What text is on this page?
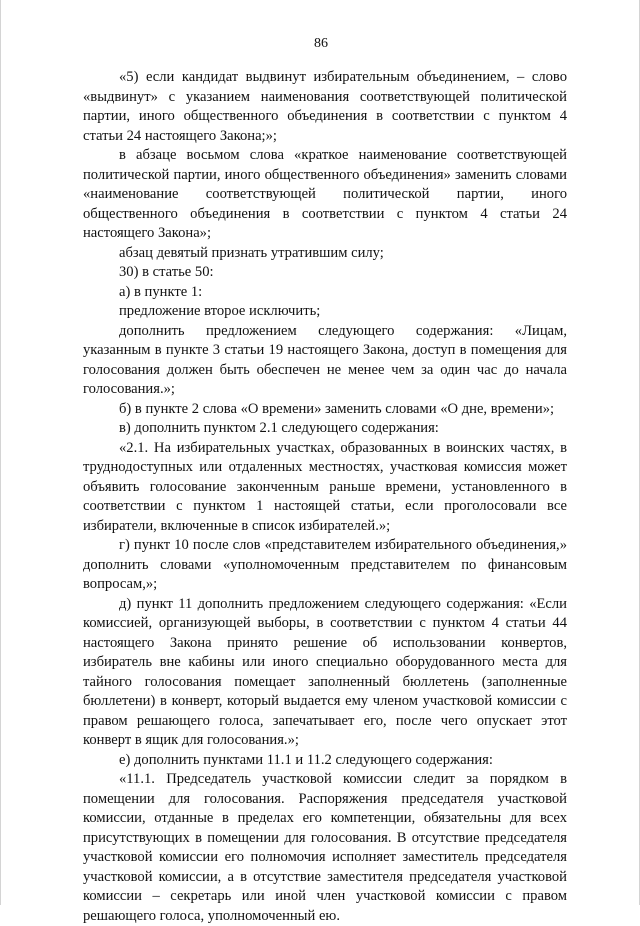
86

«5) если кандидат выдвинут избирательным объединением, – слово «выдвинут» с указанием наименования соответствующей политической партии, иного общественного объединения в соответствии с пунктом 4 статьи 24 настоящего Закона;»;

в абзаце восьмом слова «краткое наименование соответствующей политической партии, иного общественного объединения» заменить словами «наименование соответствующей политической партии, иного общественного объединения в соответствии с пунктом 4 статьи 24 настоящего Закона»;

абзац девятый признать утратившим силу;

30) в статье 50:

а) в пункте 1:

предложение второе исключить;

дополнить предложением следующего содержания: «Лицам, указанным в пункте 3 статьи 19 настоящего Закона, доступ в помещения для голосования должен быть обеспечен не менее чем за один час до начала голосования.»;

б) в пункте 2 слова «О времени» заменить словами «О дне, времени»;

в) дополнить пунктом 2.1 следующего содержания:

«2.1. На избирательных участках, образованных в воинских частях, в труднодоступных или отдаленных местностях, участковая комиссия может объявить голосование законченным раньше времени, установленного в соответствии с пунктом 1 настоящей статьи, если проголосовали все избиратели, включенные в список избирателей.»;

г) пункт 10 после слов «представителем избирательного объединения,» дополнить словами «уполномоченным представителем по финансовым вопросам,»;

д) пункт 11 дополнить предложением следующего содержания: «Если комиссией, организующей выборы, в соответствии с пунктом 4 статьи 44 настоящего Закона принято решение об использовании конвертов, избиратель вне кабины или иного специально оборудованного места для тайного голосования помещает заполненный бюллетень (заполненные бюллетени) в конверт, который выдается ему членом участковой комиссии с правом решающего голоса, запечатывает его, после чего опускает этот конверт в ящик для голосования.»;

е) дополнить пунктами 11.1 и 11.2 следующего содержания:

«11.1. Председатель участковой комиссии следит за порядком в помещении для голосования. Распоряжения председателя участковой комиссии, отданные в пределах его компетенции, обязательны для всех присутствующих в помещении для голосования. В отсутствие председателя участковой комиссии его полномочия исполняет заместитель председателя участковой комиссии, а в отсутствие заместителя председателя участковой комиссии – секретарь или иной член участковой комиссии с правом решающего голоса, уполномоченный ею.
